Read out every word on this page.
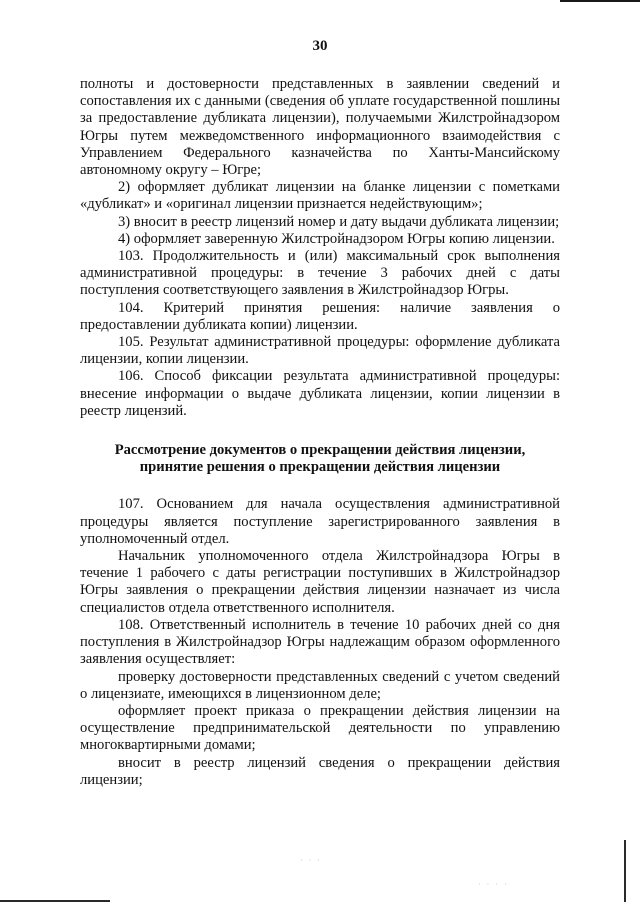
30

полноты и достоверности представленных в заявлении сведений и сопоставления их с данными (сведения об уплате государственной пошлины за предоставление дубликата лицензии), получаемыми Жилстройнадзором Югры путем межведомственного информационного взаимодействия с Управлением Федерального казначейства по Ханты-Мансийскому автономному округу – Югре;

2) оформляет дубликат лицензии на бланке лицензии с пометками «дубликат» и «оригинал лицензии признается недействующим»;

3) вносит в реестр лицензий номер и дату выдачи дубликата лицензии;

4) оформляет заверенную Жилстройнадзором Югры копию лицензии.

103. Продолжительность и (или) максимальный срок выполнения административной процедуры: в течение 3 рабочих дней с даты поступления соответствующего заявления в Жилстройнадзор Югры.

104. Критерий принятия решения: наличие заявления о предоставлении дубликата копии) лицензии.

105. Результат административной процедуры: оформление дубликата лицензии, копии лицензии.

106. Способ фиксации результата административной процедуры: внесение информации о выдаче дубликата лицензии, копии лицензии в реестр лицензий.

Рассмотрение документов о прекращении действия лицензии,
принятие решения о прекращении действия лицензии

107. Основанием для начала осуществления административной процедуры является поступление зарегистрированного заявления в уполномоченный отдел.

Начальник уполномоченного отдела Жилстройнадзора Югры в течение 1 рабочего с даты регистрации поступивших в Жилстройнадзор Югры заявления о прекращении действия лицензии назначает из числа специалистов отдела ответственного исполнителя.

108. Ответственный исполнитель в течение 10 рабочих дней со дня поступления в Жилстройнадзор Югры надлежащим образом оформленного заявления осуществляет:

проверку достоверности представленных сведений с учетом сведений о лицензиате, имеющихся в лицензионном деле;

оформляет проект приказа о прекращении действия лицензии на осуществление предпринимательской деятельности по управлению многоквартирными домами;

вносит в реестр лицензий сведения о прекращении действия лицензии;

· · ·
· · · ·
